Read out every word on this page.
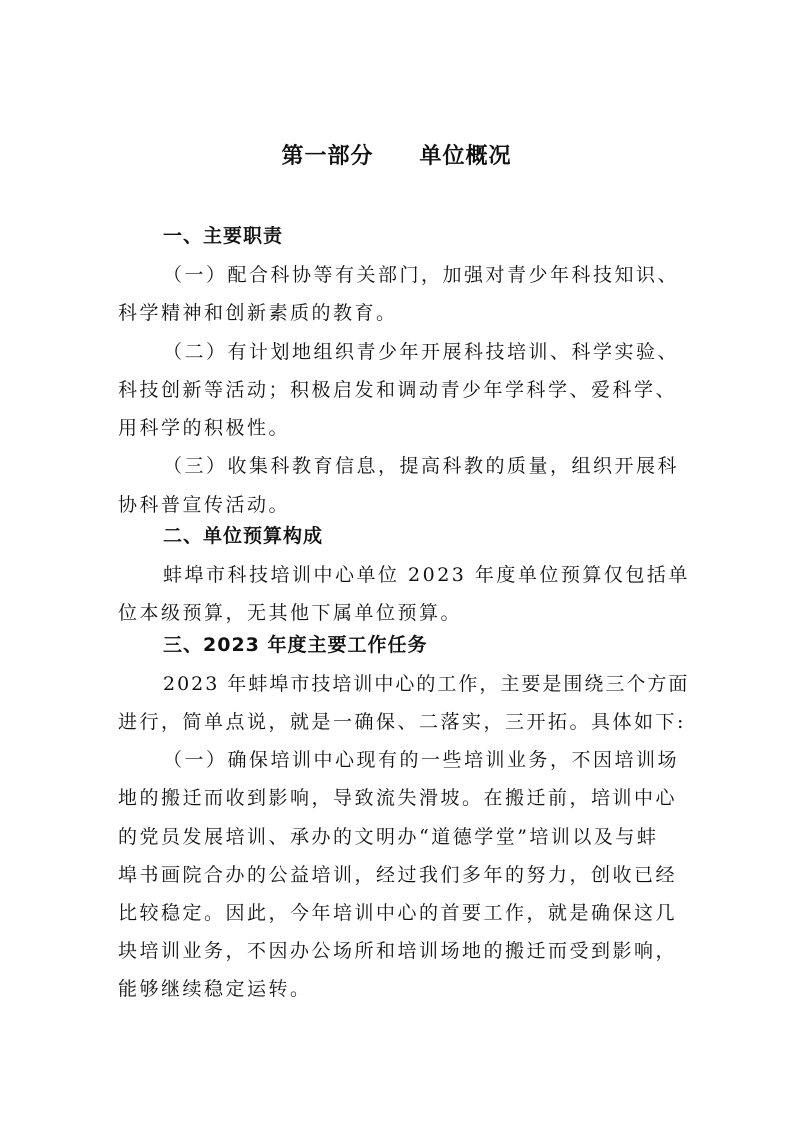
第一部分　　单位概况
一、主要职责
（一）配合科协等有关部门，加强对青少年科技知识、
科学精神和创新素质的教育。
（二）有计划地组织青少年开展科技培训、科学实验、
科技创新等活动；积极启发和调动青少年学科学、爱科学、
用科学的积极性。
（三）收集科教育信息，提高科教的质量，组织开展科
协科普宣传活动。
二、单位预算构成
蚌埠市科技培训中心单位 2023 年度单位预算仅包括单
位本级预算，无其他下属单位预算。
三、2023 年度主要工作任务
2023 年蚌埠市技培训中心的工作，主要是围绕三个方面
进行，简单点说，就是一确保、二落实，三开拓。具体如下:
（一）确保培训中心现有的一些培训业务，不因培训场
地的搬迁而收到影响，导致流失滑坡。在搬迁前，培训中心
的党员发展培训、承办的文明办“道德学堂”培训以及与蚌
埠书画院合办的公益培训，经过我们多年的努力，创收已经
比较稳定。因此，今年培训中心的首要工作，就是确保这几
块培训业务，不因办公场所和培训场地的搬迁而受到影响，
能够继续稳定运转。
